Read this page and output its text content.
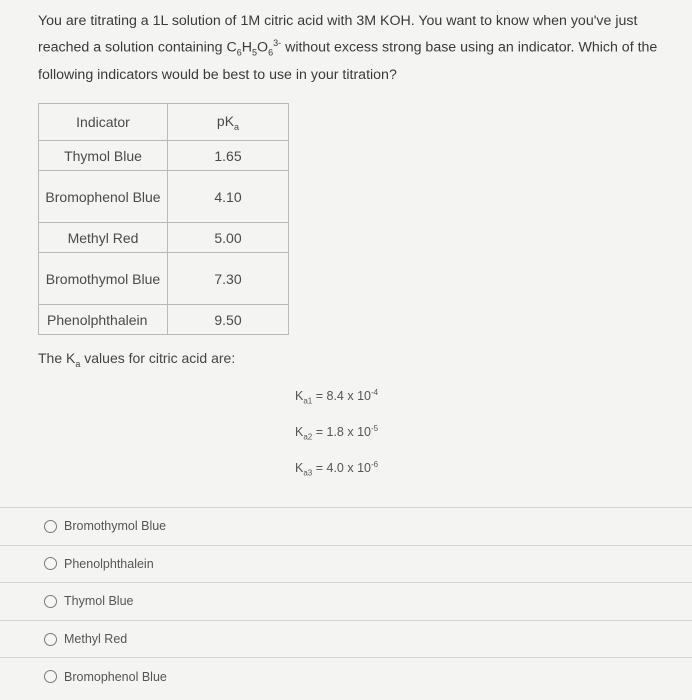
You are titrating a 1L solution of 1M citric acid with 3M KOH. You want to know when you've just reached a solution containing $C_6H_5O_6^{3-}$ without excess strong base using an indicator. Which of the following indicators would be best to use in your titration?
Indicator	$pK_a$
Thymol Blue	1.65
Bromophenol Blue	4.10
Methyl Red	5.00
Bromothymol Blue	7.30
Phenolphthalein	9.50
The $K_a$ values for citric acid are:
$K_{a1} = 8.4$ x $10^{-4}$
$K_{a2} = 1.8$ x $10^{-5}$
$K_{a3} = 4.0$ x $10^{-6}$
Bromothymol Blue
Phenolphthalein
Thymol Blue
Methyl Red
Bromophenol Blue
